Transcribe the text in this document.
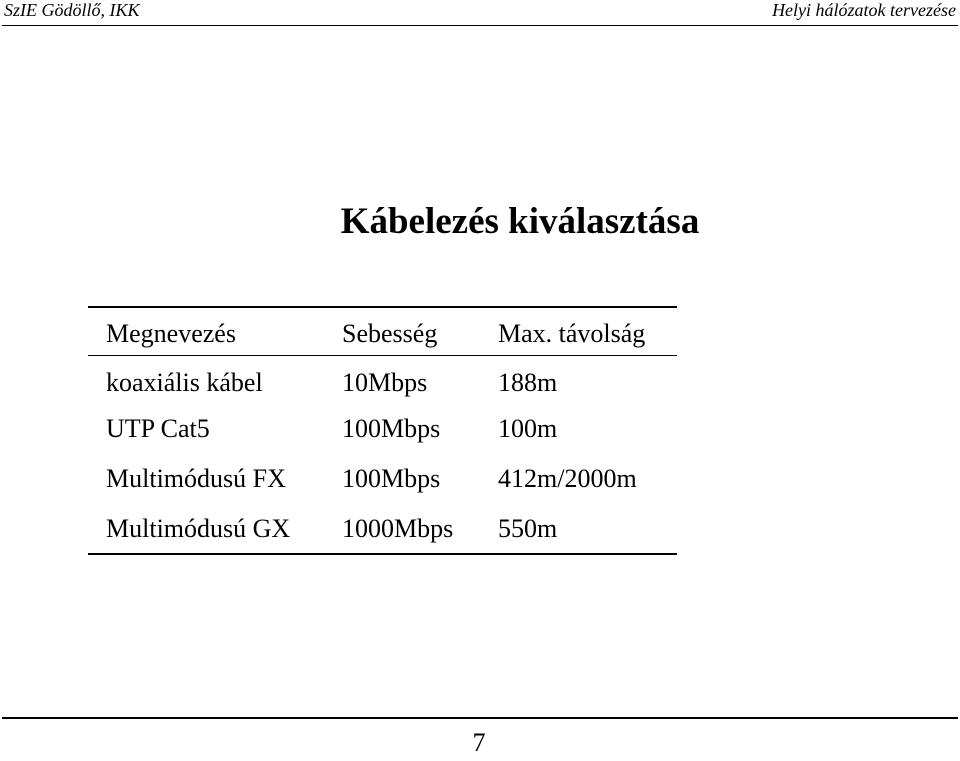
SzIE Gödöllő, IKK	Helyi hálózatok tervezése
Kábelezés kiválasztása
Megnevezés	Sebesség Max. távolság
koaxiális kábel	10Mbps	188m
UTP Cat5	100Mbps 100m
Multimódusú FX 100Mbps 412m/2000m
Multimódusú GX 1000Mbps 550m
7
